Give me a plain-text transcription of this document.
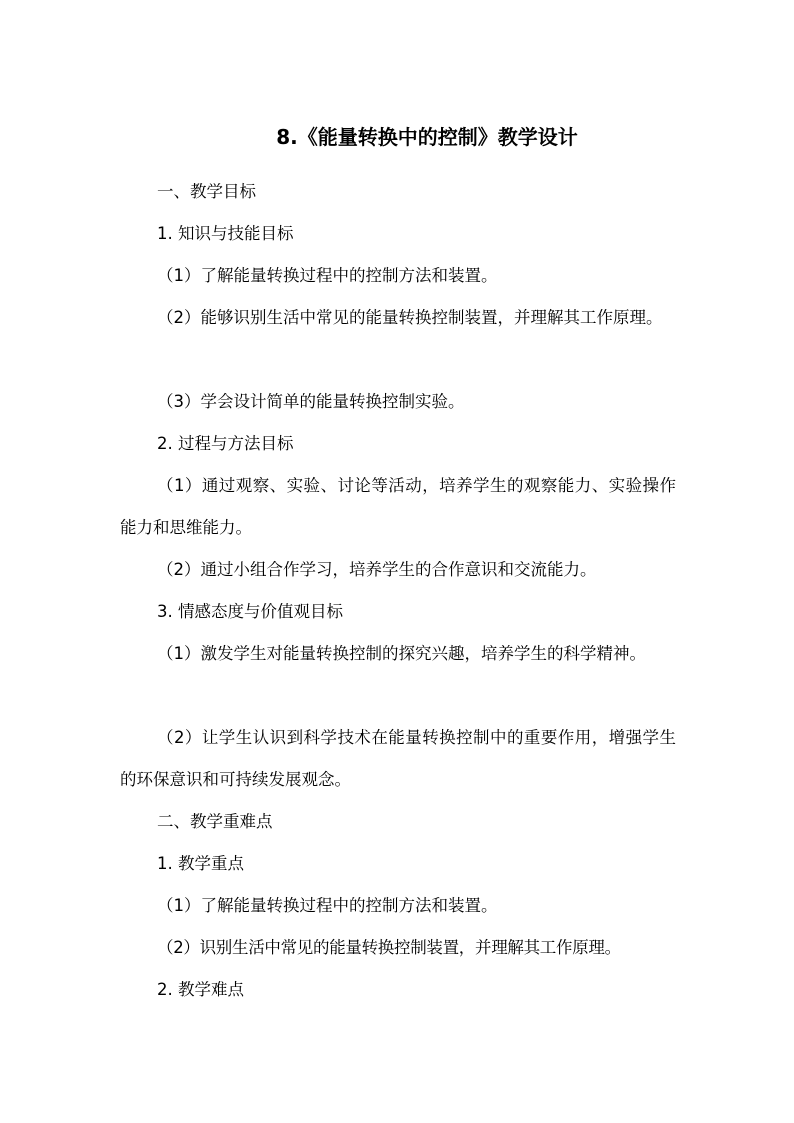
8.《能量转换中的控制》教学设计
一、教学目标
1. 知识与技能目标
（1）了解能量转换过程中的控制方法和装置。
（2）能够识别生活中常见的能量转换控制装置，并理解其工作原理。
（3）学会设计简单的能量转换控制实验。
2. 过程与方法目标
（1）通过观察、实验、讨论等活动，培养学生的观察能力、实验操作能力和思维能力。
（2）通过小组合作学习，培养学生的合作意识和交流能力。
3. 情感态度与价值观目标
（1）激发学生对能量转换控制的探究兴趣，培养学生的科学精神。
（2）让学生认识到科学技术在能量转换控制中的重要作用，增强学生的环保意识和可持续发展观念。
二、教学重难点
1. 教学重点
（1）了解能量转换过程中的控制方法和装置。
（2）识别生活中常见的能量转换控制装置，并理解其工作原理。
2. 教学难点
